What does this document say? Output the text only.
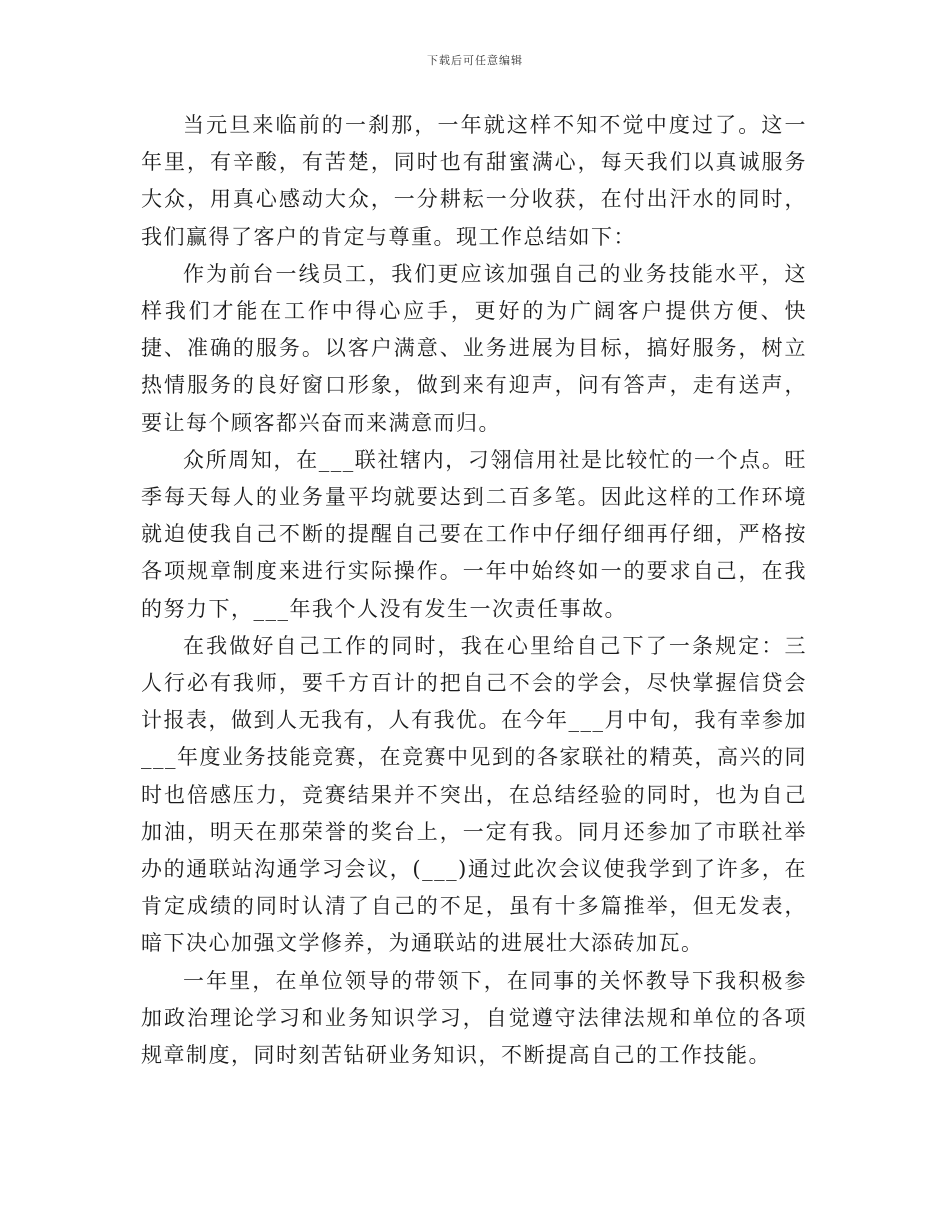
下载后可任意编辑

当元旦来临前的一刹那，一年就这样不知不觉中度过了。这一年里，有辛酸，有苦楚，同时也有甜蜜满心，每天我们以真诚服务大众，用真心感动大众，一分耕耘一分收获，在付出汗水的同时，我们赢得了客户的肯定与尊重。现工作总结如下：

作为前台一线员工，我们更应该加强自己的业务技能水平，这样我们才能在工作中得心应手，更好的为广阔客户提供方便、快捷、准确的服务。以客户满意、业务进展为目标，搞好服务，树立热情服务的良好窗口形象，做到来有迎声，问有答声，走有送声，要让每个顾客都兴奋而来满意而归。

众所周知，在___联社辖内，刁翎信用社是比较忙的一个点。旺季每天每人的业务量平均就要达到二百多笔。因此这样的工作环境就迫使我自己不断的提醒自己要在工作中仔细仔细再仔细，严格按各项规章制度来进行实际操作。一年中始终如一的要求自己，在我的努力下，___年我个人没有发生一次责任事故。

在我做好自己工作的同时，我在心里给自己下了一条规定：三人行必有我师，要千方百计的把自己不会的学会，尽快掌握信贷会计报表，做到人无我有，人有我优。在今年___月中旬，我有幸参加___年度业务技能竞赛，在竞赛中见到的各家联社的精英，高兴的同时也倍感压力，竞赛结果并不突出，在总结经验的同时，也为自己加油，明天在那荣誉的奖台上，一定有我。同月还参加了市联社举办的通联站沟通学习会议，(___)通过此次会议使我学到了许多，在肯定成绩的同时认清了自己的不足，虽有十多篇推举，但无发表，暗下决心加强文学修养，为通联站的进展壮大添砖加瓦。

一年里，在单位领导的带领下，在同事的关怀教导下我积极参加政治理论学习和业务知识学习，自觉遵守法律法规和单位的各项规章制度，同时刻苦钻研业务知识，不断提高自己的工作技能。
